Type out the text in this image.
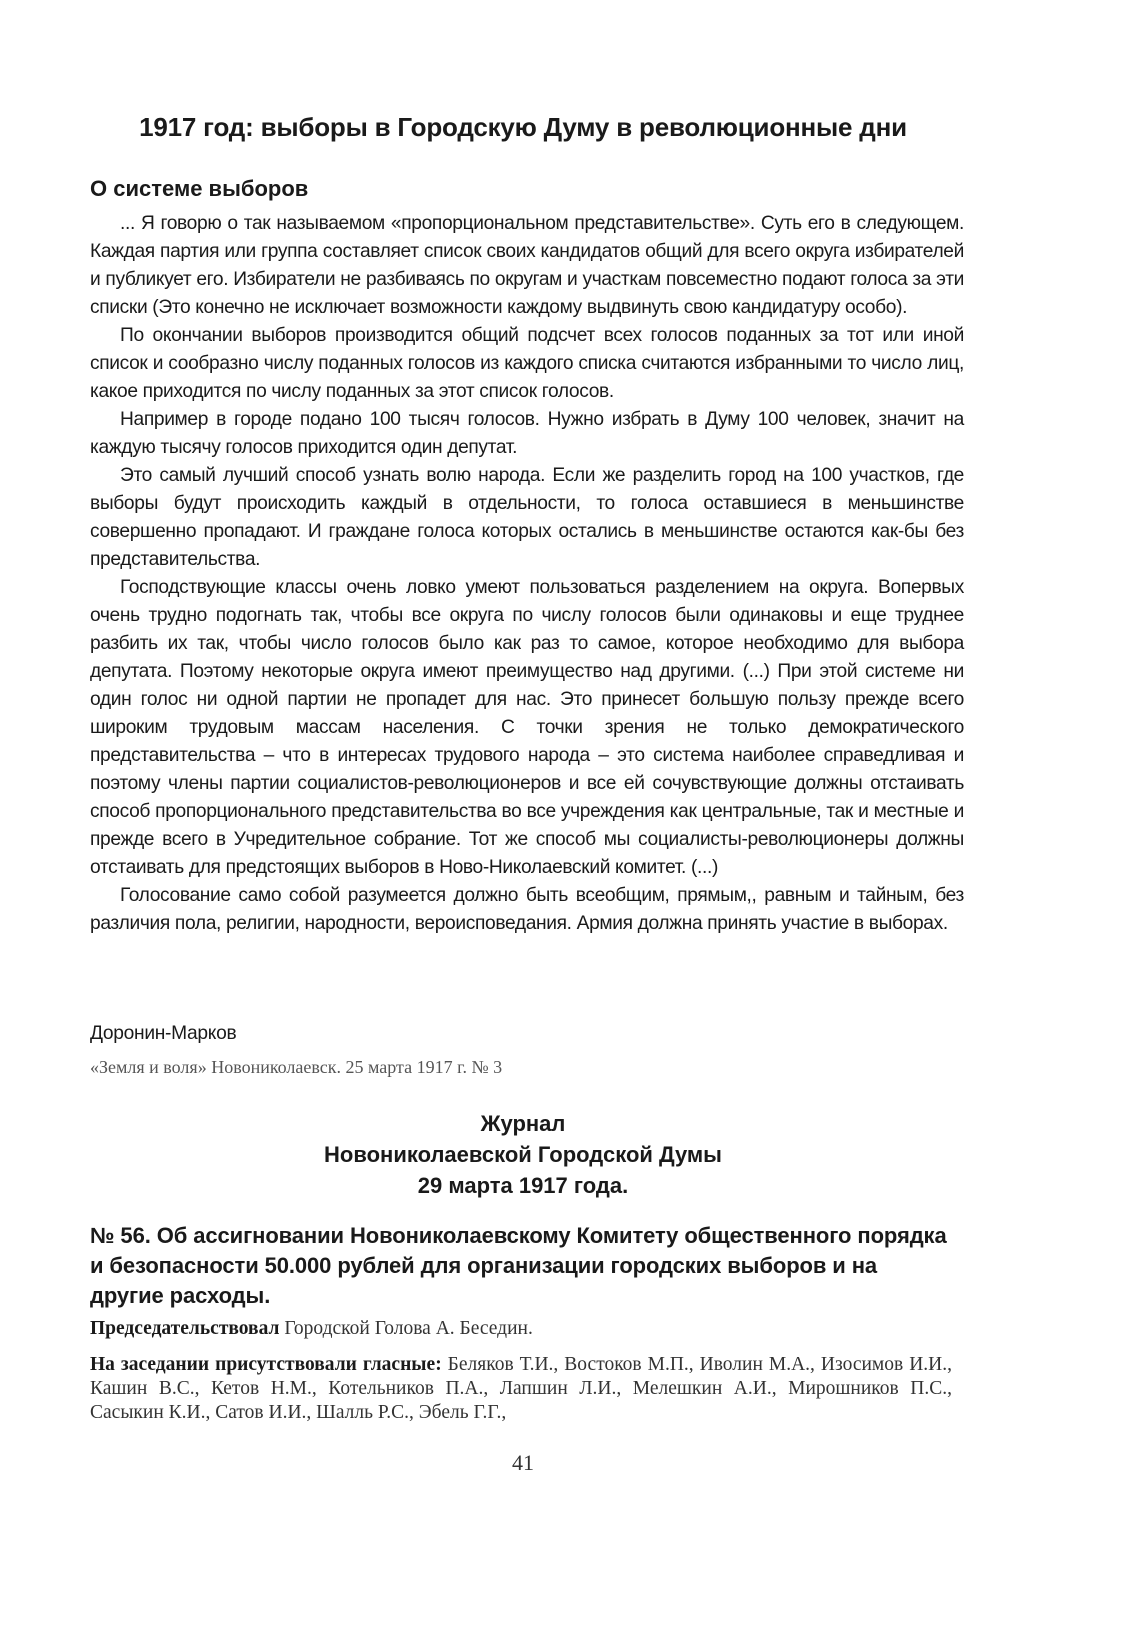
1917 год: выборы в Городскую Думу в революционные дни
О системе выборов

... Я говорю о так называемом «пропорциональном представительстве». Суть его в следующем. Каждая партия или группа составляет список своих кандидатов общий для всего округа избирателей и публикует его. Избиратели не разбиваясь по округам и участкам повсеместно подают голоса за эти списки (Это конечно не исключает возможности каждому выдвинуть свою кандидатуру особо).

По окончании выборов производится общий подсчет всех голосов поданных за тот или иной список и сообразно числу поданных голосов из каждого списка считаются избранными то число лиц, какое приходится по числу поданных за этот список голосов.

Например в городе подано 100 тысяч голосов. Нужно избрать в Думу 100 человек, значит на каждую тысячу голосов приходится один депутат.

Это самый лучший способ узнать волю народа. Если же разделить город на 100 участков, где выборы будут происходить каждый в отдельности, то голоса оставшиеся в меньшинстве совершенно пропадают. И граждане голоса которых остались в меньшинстве остаются как-бы без представительства.

Господствующие классы очень ловко умеют пользоваться разделением на округа. Вопервых очень трудно подогнать так, чтобы все округа по числу голосов были одинаковы и еще труднее разбить их так, чтобы число голосов было как раз то самое, которое необходимо для выбора депутата. Поэтому некоторые округа имеют преимущество над другими. (...) При этой системе ни один голос ни одной партии не пропадет для нас. Это принесет большую пользу прежде всего широким трудовым массам населения. С точки зрения не только демократического представительства – что в интересах трудового народа – это система наиболее справедливая и поэтому члены партии социалистов-революционеров и все ей сочувствующие должны отстаивать способ пропорционального представительства во все учреждения как центральные, так и местные и прежде всего в Учредительное собрание. Тот же способ мы социалисты-революционеры должны отстаивать для предстоящих выборов в Ново-Николаевский комитет. (...)

Голосование само собой разумеется должно быть всеобщим, прямым,, равным и тайным, без различия пола, религии, народности, вероисповедания. Армия должна принять участие в выборах.

Доронин-Марков
«Земля и воля» Новониколаевск. 25 марта 1917 г. № 3
Журнал
Новониколаевской Городской Думы
29 марта 1917 года.
№ 56. Об ассигновании Новониколаевскому Комитету общественного порядка и безопасности 50.000 рублей для организации городских выборов и на другие расходы.
Председательствовал Городской Голова А. Беседин.
На заседании присутствовали гласные: Беляков Т.И., Востоков М.П., Иволин М.А., Изосимов И.И., Кашин В.С., Кетов Н.М., Котельников П.А., Лапшин Л.И., Мелешкин А.И., Мирошников П.С., Сасыкин К.И., Сатов И.И., Шалль Р.С., Эбель Г.Г.,
41
